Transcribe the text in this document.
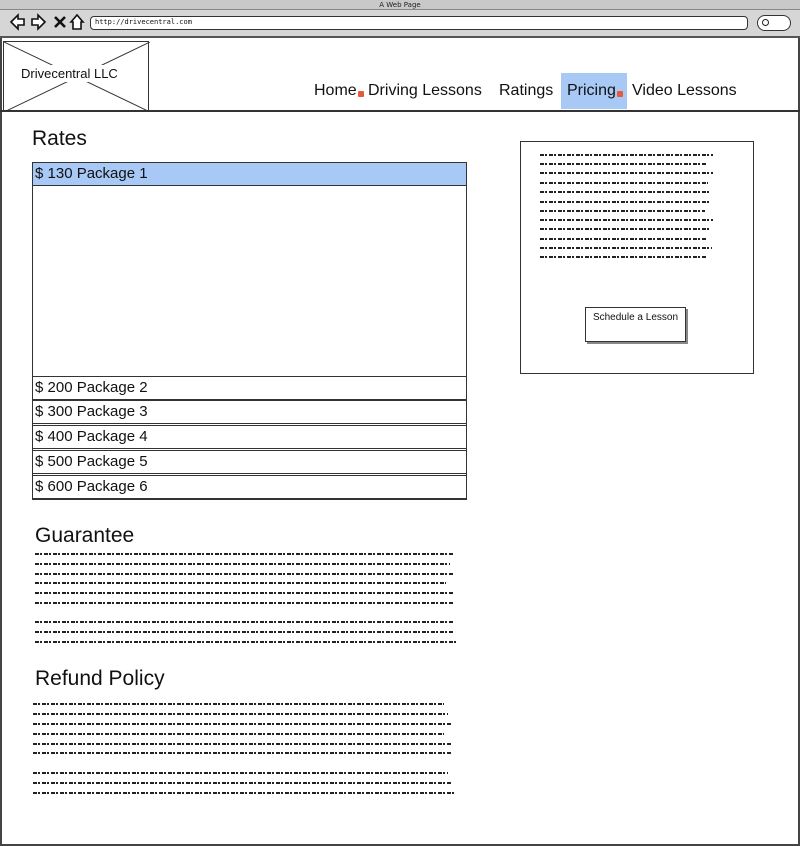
A Web Page
http://drivecentral.com
Drivecentral LLC
Home Driving Lessons Ratings Pricing	Video Lessons
Rates
$ 130 Package 1
$ 200 Package 2
$ 300 Package 3
$ 400 Package 4
$ 500 Package 5
$ 600 Package 6
Schedule a Lesson
Guarantee
Refund Policy
